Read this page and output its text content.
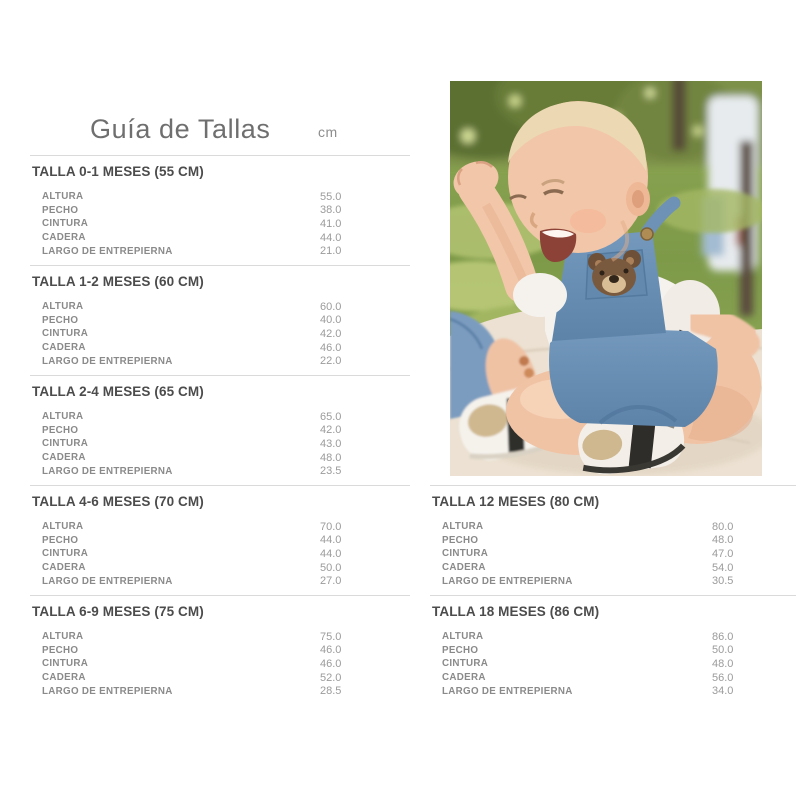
Guía de Tallas	cm
TALLA 0-1 MESES (55 CM)
ALTURA	55.0
PECHO	38.0
CINTURA	41.0
CADERA	44.0
LARGO DE ENTREPIERNA	21.0
TALLA 1-2 MESES (60 CM)
ALTURA	60.0
PECHO	40.0
CINTURA	42.0
CADERA	46.0
LARGO DE ENTREPIERNA	22.0
TALLA 2-4 MESES (65 CM)
ALTURA	65.0
PECHO	42.0
CINTURA	43.0
CADERA	48.0
LARGO DE ENTREPIERNA	23.5
TALLA 4-6 MESES (70 CM)
ALTURA	70.0
PECHO	44.0
CINTURA	44.0
CADERA	50.0
LARGO DE ENTREPIERNA	27.0
TALLA 6-9 MESES (75 CM)
ALTURA	75.0
PECHO	46.0
CINTURA	46.0
CADERA	52.0
LARGO DE ENTREPIERNA	28.5
TALLA 12 MESES (80 CM)
ALTURA	80.0
PECHO	48.0
CINTURA	47.0
CADERA	54.0
LARGO DE ENTREPIERNA	30.5
TALLA 18 MESES (86 CM)
ALTURA	86.0
PECHO	50.0
CINTURA	48.0
CADERA	56.0
LARGO DE ENTREPIERNA	34.0
